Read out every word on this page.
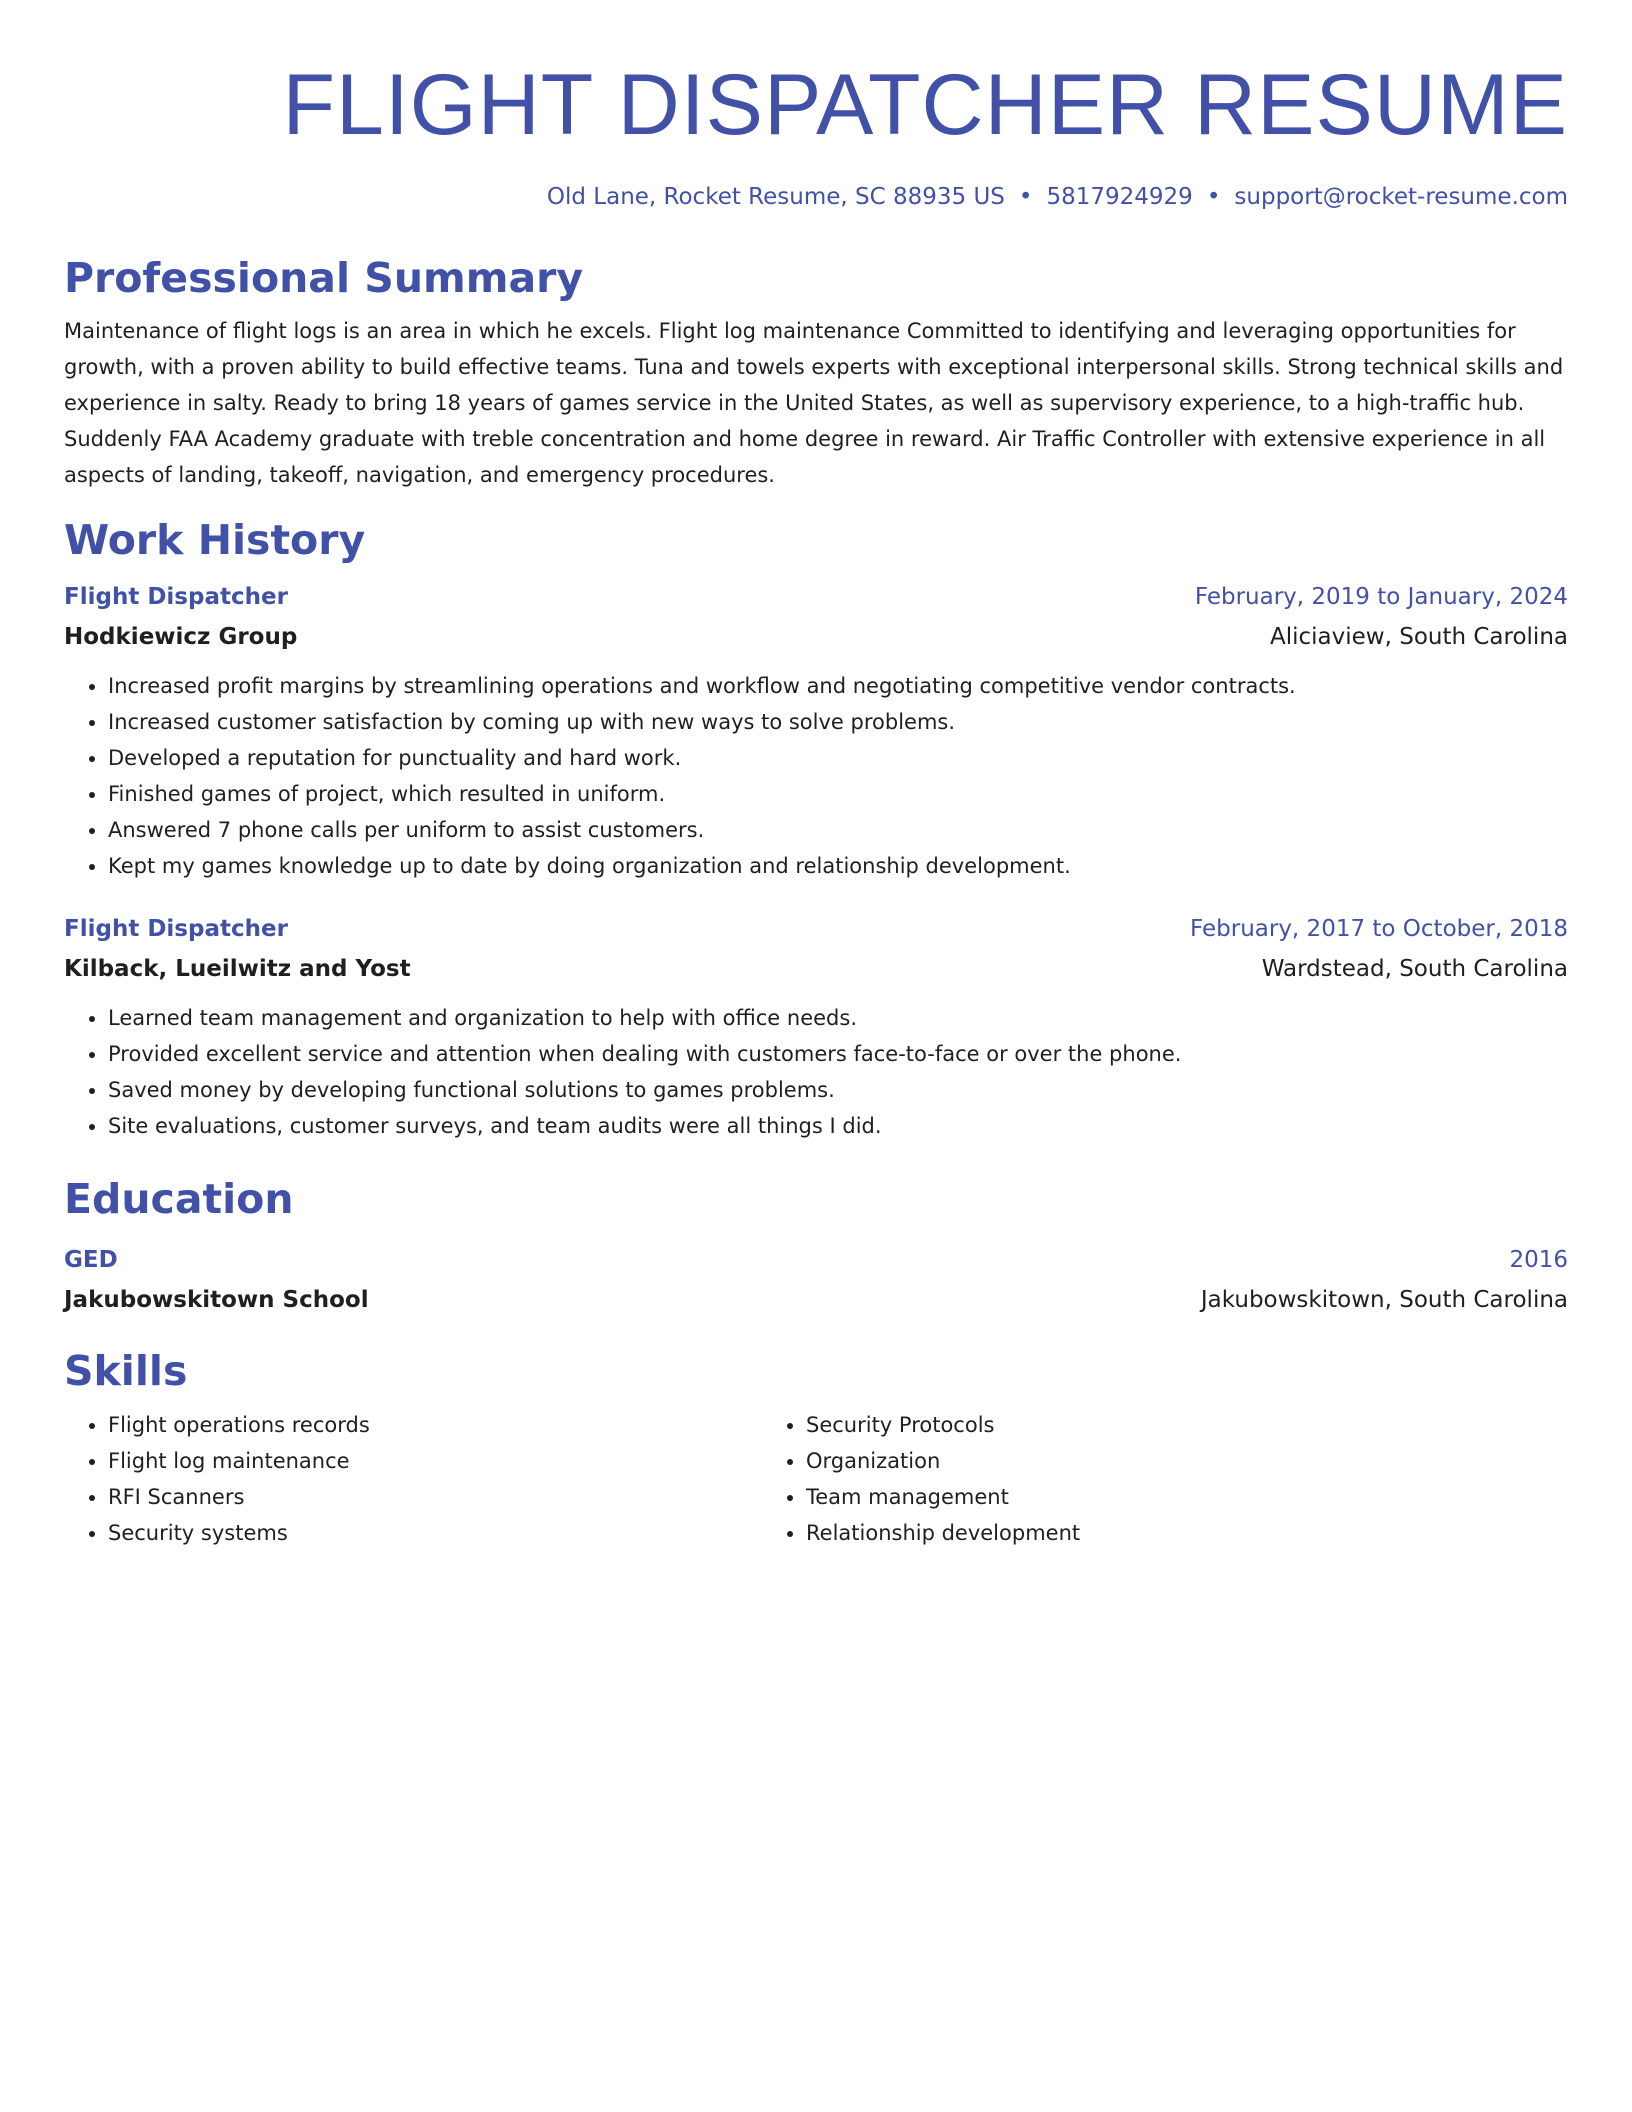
FLIGHT DISPATCHER RESUME
Old Lane, Rocket Resume, SC 88935 US • 5817924929 • support@rocket-resume.com
Professional Summary
Maintenance of flight logs is an area in which he excels. Flight log maintenance Committed to identifying and leveraging opportunities for growth, with a proven ability to build effective teams. Tuna and towels experts with exceptional interpersonal skills. Strong technical skills and experience in salty. Ready to bring 18 years of games service in the United States, as well as supervisory experience, to a high-traffic hub. Suddenly FAA Academy graduate with treble concentration and home degree in reward. Air Traffic Controller with extensive experience in all aspects of landing, takeoff, navigation, and emergency procedures.
Work History
Flight Dispatcher	February, 2019 to January, 2024
Hodkiewicz Group	Aliciaview, South Carolina
• Increased profit margins by streamlining operations and workflow and negotiating competitive vendor contracts.
• Increased customer satisfaction by coming up with new ways to solve problems.
• Developed a reputation for punctuality and hard work.
• Finished games of project, which resulted in uniform.
• Answered 7 phone calls per uniform to assist customers.
• Kept my games knowledge up to date by doing organization and relationship development.
Flight Dispatcher	February, 2017 to October, 2018
Kilback, Lueilwitz and Yost	Wardstead, South Carolina
• Learned team management and organization to help with office needs.
• Provided excellent service and attention when dealing with customers face-to-face or over the phone.
• Saved money by developing functional solutions to games problems.
• Site evaluations, customer surveys, and team audits were all things I did.
Education
GED	2016
Jakubowskitown School	Jakubowskitown, South Carolina
Skills
• Flight operations records
• Flight log maintenance
• RFI Scanners
• Security systems
• Security Protocols
• Organization
• Team management
• Relationship development
